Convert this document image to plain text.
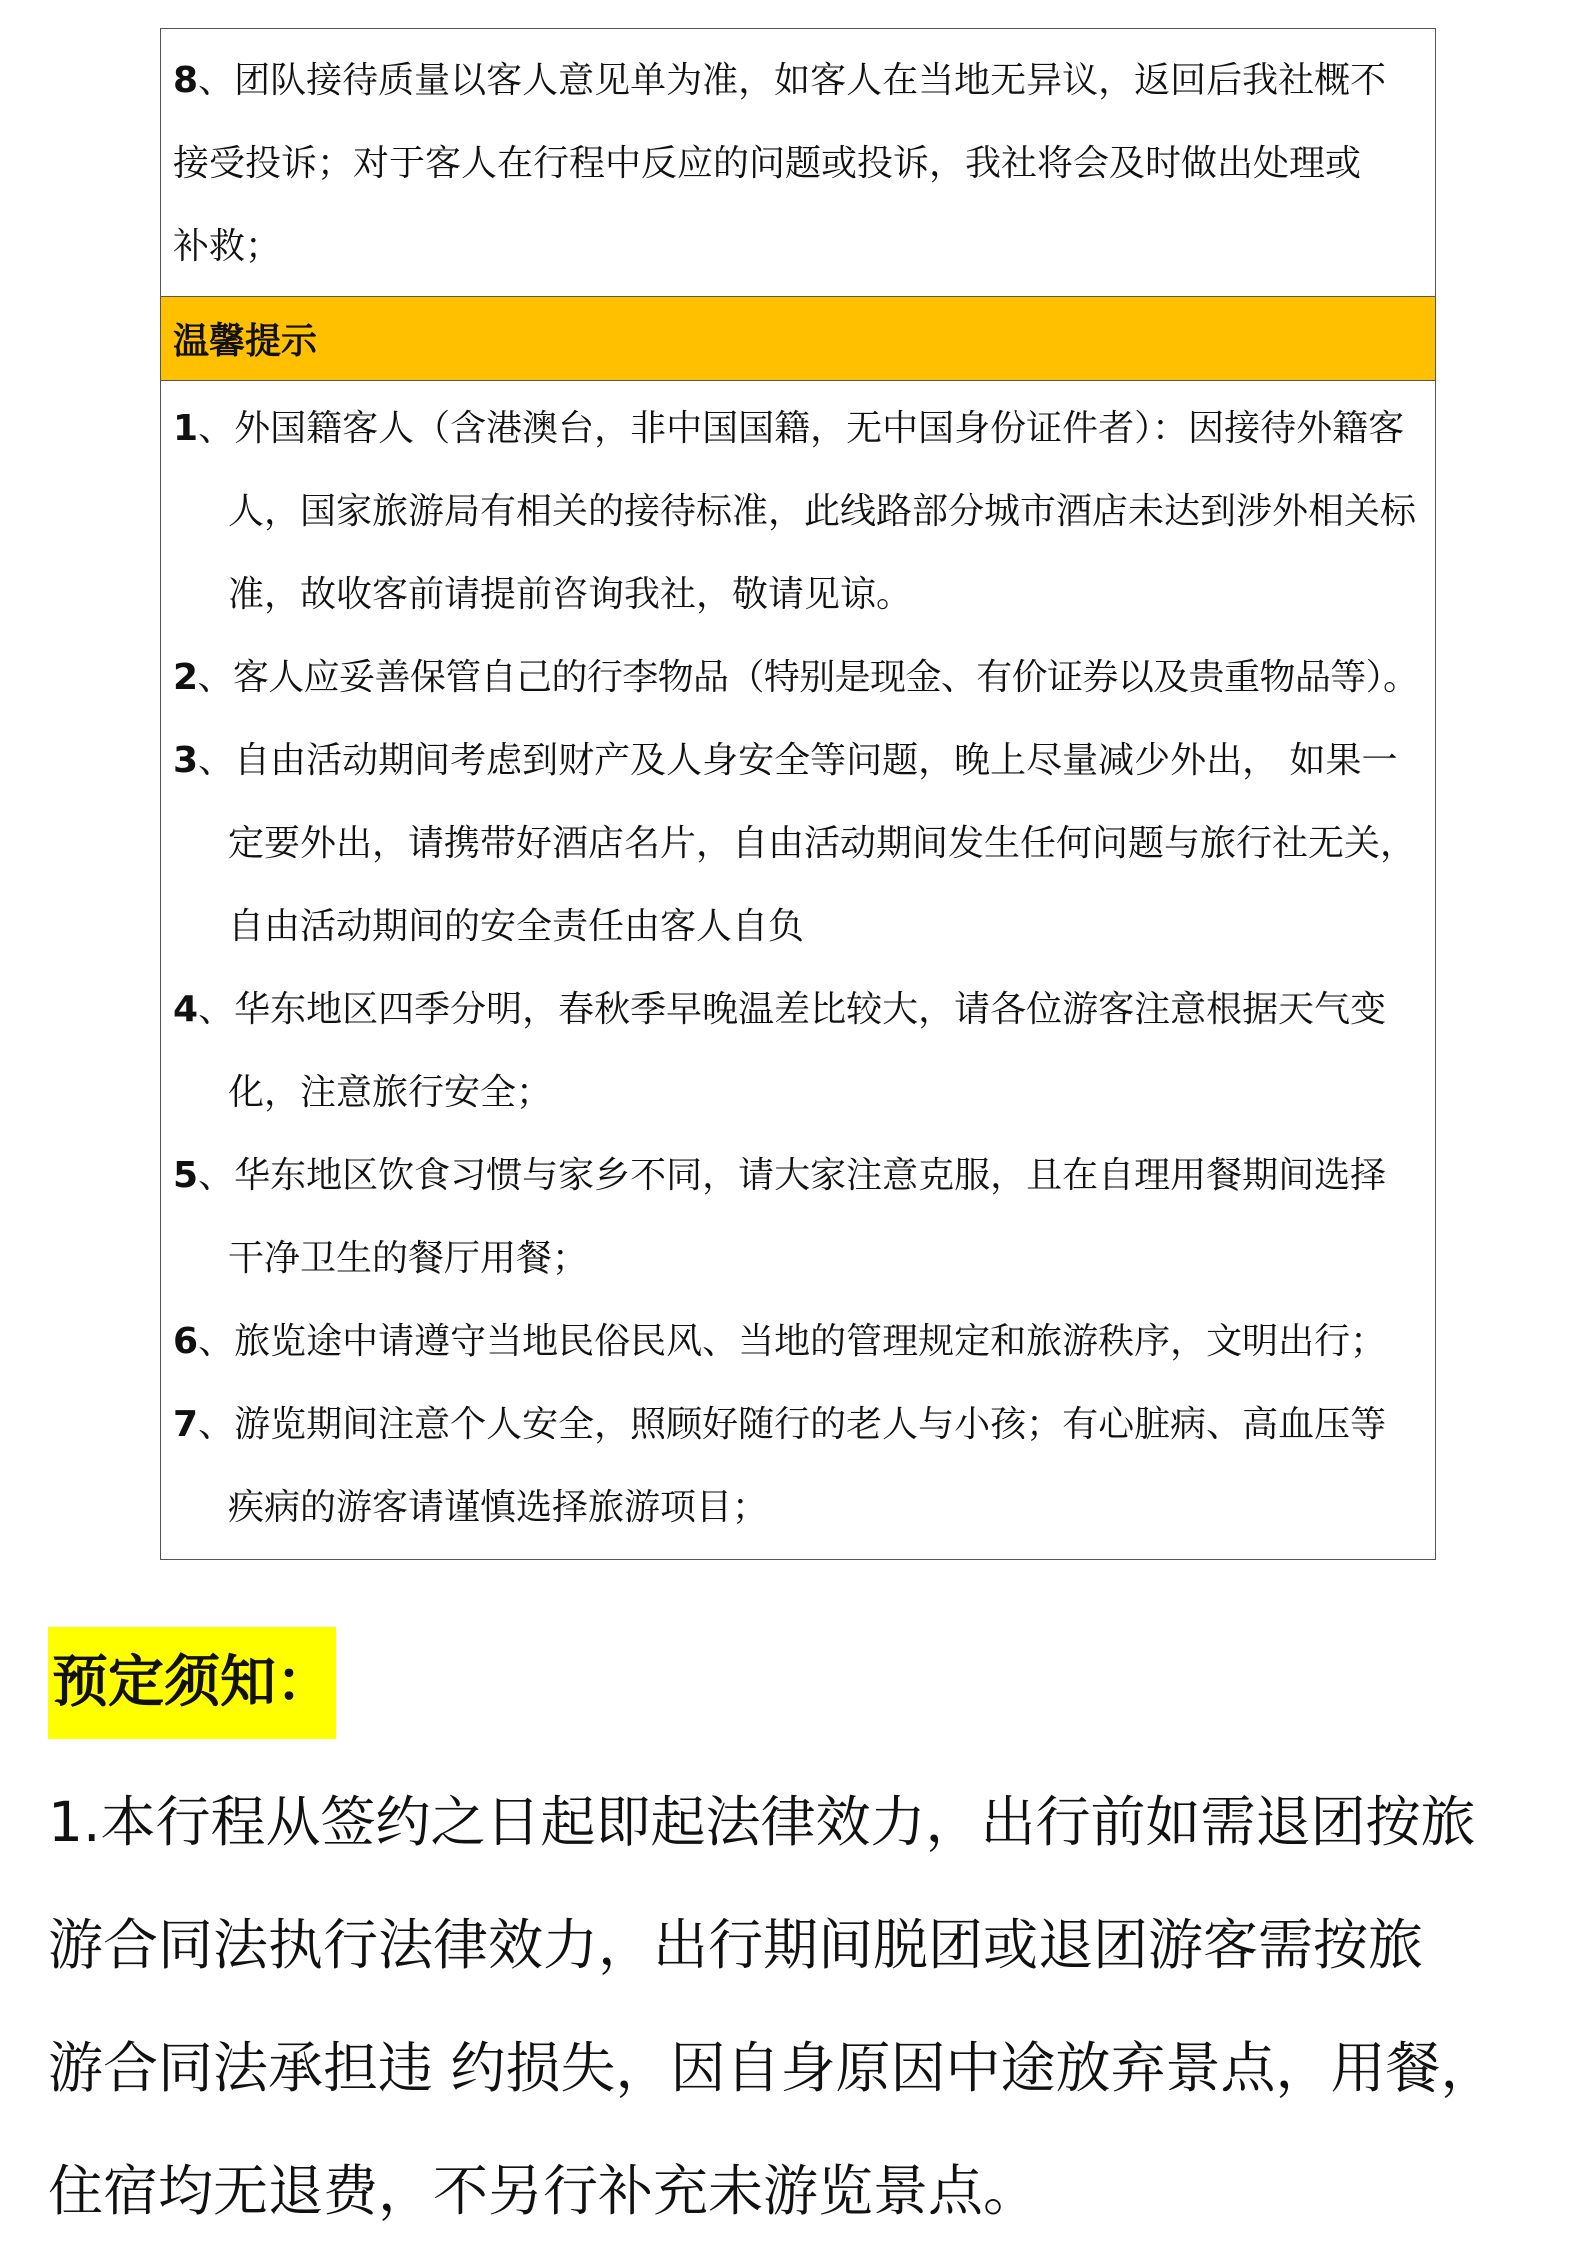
8、团队接待质量以客人意见单为准，如客人在当地无异议，返回后我社概不
接受投诉；对于客人在行程中反应的问题或投诉，我社将会及时做出处理或
补救；

温馨提示
1、外国籍客人（含港澳台，非中国国籍，无中国身份证件者）：因接待外籍客人，国家旅游局有相关的接待标准，此线路部分城市酒店未达到涉外相关标准，故收客前请提前咨询我社，敬请见谅。
2、客人应妥善保管自己的行李物品（特别是现金、有价证券以及贵重物品等）。
3、自由活动期间考虑到财产及人身安全等问题，晚上尽量减少外出， 如果一定要外出，请携带好酒店名片，自由活动期间发生任何问题与旅行社无关，自由活动期间的安全责任由客人自负
4、华东地区四季分明，春秋季早晚温差比较大，请各位游客注意根据天气变化，注意旅行安全；
5、华东地区饮食习惯与家乡不同，请大家注意克服，且在自理用餐期间选择干净卫生的餐厅用餐；
6、旅览途中请遵守当地民俗民风、当地的管理规定和旅游秩序，文明出行；
7、游览期间注意个人安全，照顾好随行的老人与小孩；有心脏病、高血压等疾病的游客请谨慎选择旅游项目；
预定须知：
1.本行程从签约之日起即起法律效力，出行前如需退团按旅
游合同法执行法律效力，出行期间脱团或退团游客需按旅
游合同法承担违 约损失，因自身原因中途放弃景点，用餐，
住宿均无退费，不另行补充未游览景点。
